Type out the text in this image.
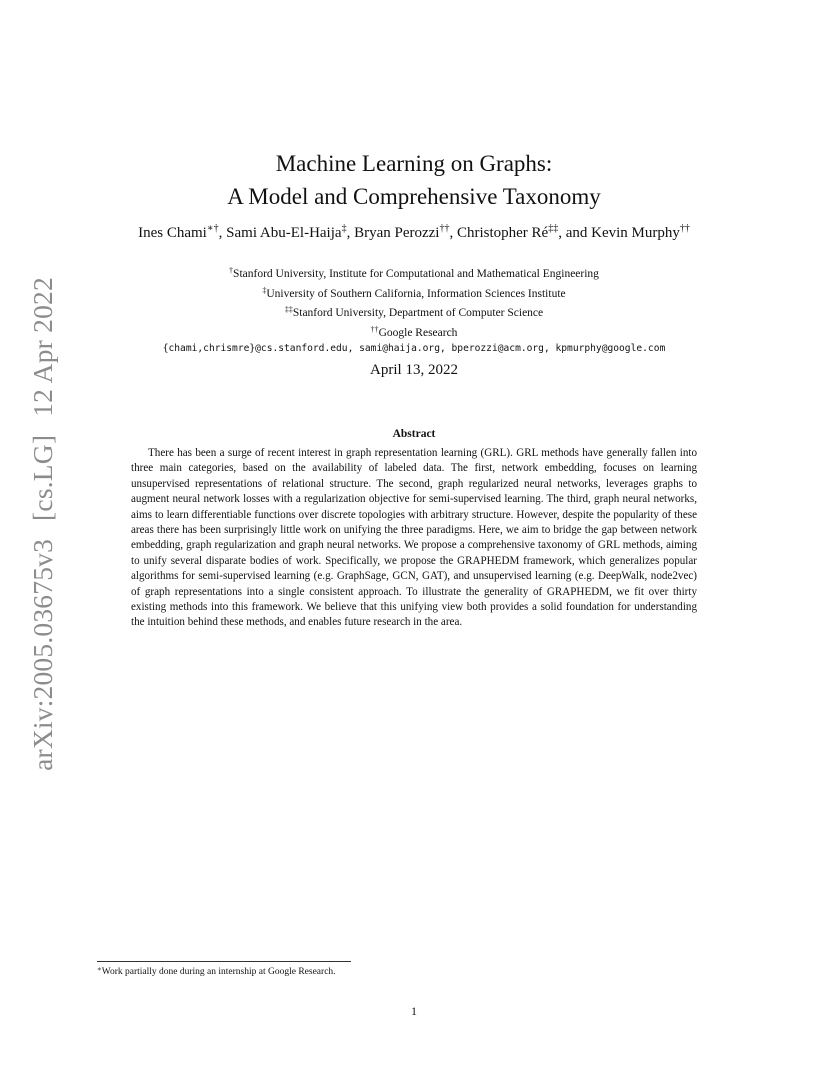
arXiv:2005.03675v3[cs.LG]12 Apr 2022
Machine Learning on Graphs:
A Model and Comprehensive Taxonomy
Ines Chami∗†, Sami Abu-El-Haija‡, Bryan Perozzi††, Christopher Ré‡‡, and Kevin Murphy††
†Stanford University, Institute for Computational and Mathematical Engineering
‡University of Southern California, Information Sciences Institute
‡‡Stanford University, Department of Computer Science
††Google Research
{chami,chrismre}@cs.stanford.edu, sami@haija.org, bperozzi@acm.org, kpmurphy@google.com
April 13, 2022
Abstract
There has been a surge of recent interest in graph representation learning (GRL). GRL methods have generally fallen into three main categories, based on the availability of labeled data. The first, network embedding, focuses on learning unsupervised representations of relational structure. The second, graph regularized neural networks, leverages graphs to augment neural network losses with a regularization objective for semi-supervised learning. The third, graph neural networks, aims to learn differentiable functions over discrete topologies with arbitrary structure. However, despite the popularity of these areas there has been surprisingly little work on unifying the three paradigms. Here, we aim to bridge the gap between network embedding, graph regularization and graph neural networks. We propose a comprehensive taxonomy of GRL methods, aiming to unify several disparate bodies of work. Specifically, we propose the GRAPHEDM framework, which generalizes popular algorithms for semi-supervised learning (e.g. GraphSage, GCN, GAT), and unsupervised learning (e.g. DeepWalk, node2vec) of graph representations into a single consistent approach. To illustrate the generality of GRAPHEDM, we fit over thirty existing methods into this framework. We believe that this unifying view both provides a solid foundation for understanding the intuition behind these methods, and enables future research in the area.
∗Work partially done during an internship at Google Research.
1
